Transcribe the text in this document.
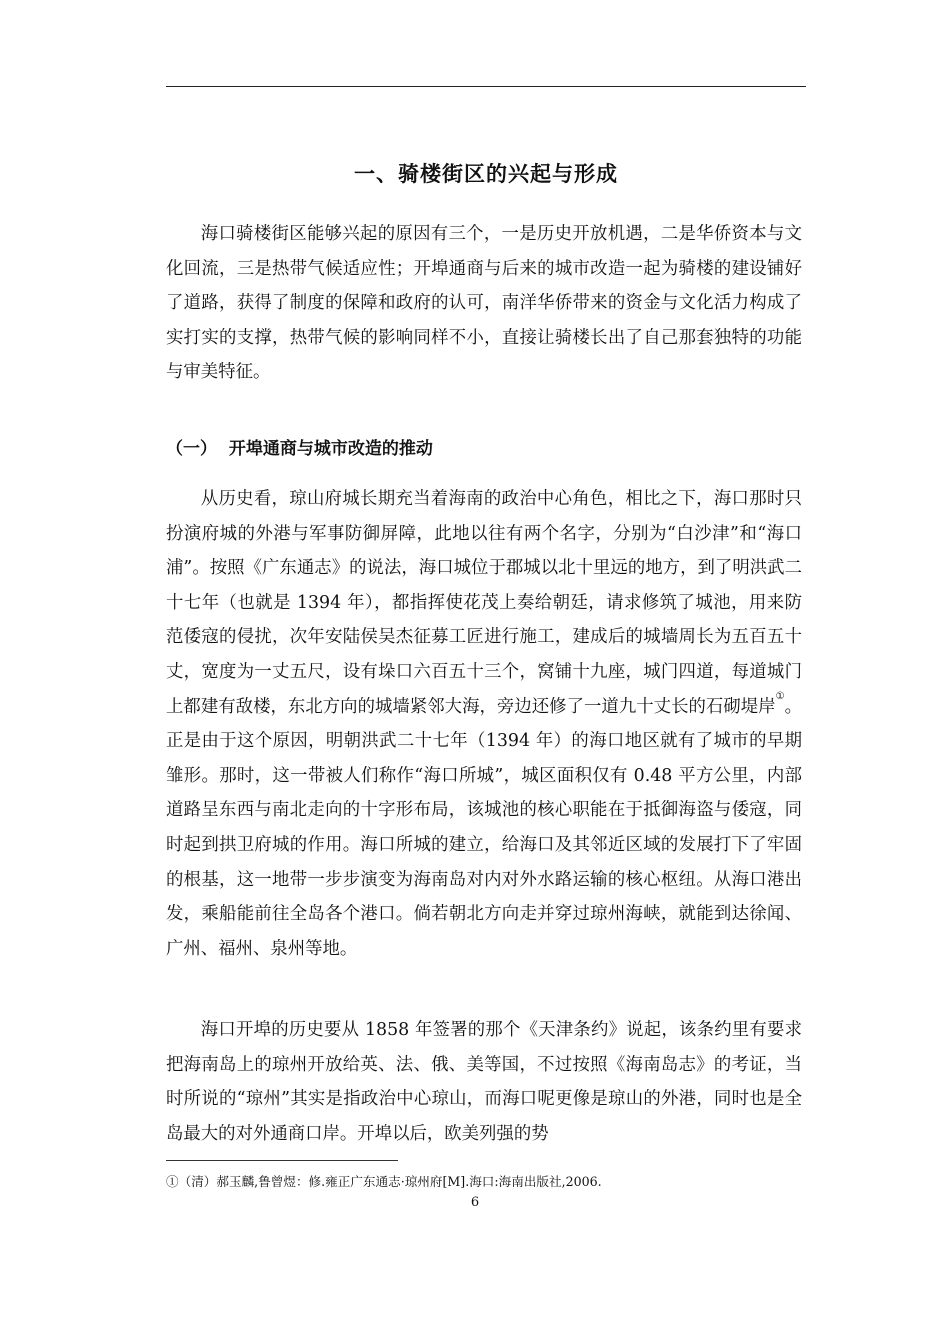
一、骑楼街区的兴起与形成

海口骑楼街区能够兴起的原因有三个，一是历史开放机遇，二是华侨资本与文化回流，三是热带气候适应性；开埠通商与后来的城市改造一起为骑楼的建设铺好了道路，获得了制度的保障和政府的认可，南洋华侨带来的资金与文化活力构成了实打实的支撑，热带气候的影响同样不小，直接让骑楼长出了自己那套独特的功能与审美特征。

（一）  开埠通商与城市改造的推动

从历史看，琼山府城长期充当着海南的政治中心角色，相比之下，海口那时只扮演府城的外港与军事防御屏障，此地以往有两个名字，分别为“白沙津”和“海口浦”。按照《广东通志》的说法，海口城位于郡城以北十里远的地方，到了明洪武二十七年（也就是 1394 年），都指挥使花茂上奏给朝廷，请求修筑了城池，用来防范倭寇的侵扰，次年安陆侯吴杰征募工匠进行施工，建成后的城墙周长为五百五十丈，宽度为一丈五尺，设有垛口六百五十三个，窝铺十九座，城门四道，每道城门上都建有敌楼，东北方向的城墙紧邻大海，旁边还修了一道九十丈长的石砌堤岸①。正是由于这个原因，明朝洪武二十七年（1394 年）的海口地区就有了城市的早期雏形。那时，这一带被人们称作“海口所城”，城区面积仅有 0.48 平方公里，内部道路呈东西与南北走向的十字形布局，该城池的核心职能在于抵御海盗与倭寇，同时起到拱卫府城的作用。海口所城的建立，给海口及其邻近区域的发展打下了牢固的根基，这一地带一步步演变为海南岛对内对外水路运输的核心枢纽。从海口港出发，乘船能前往全岛各个港口。倘若朝北方向走并穿过琼州海峡，就能到达徐闻、广州、福州、泉州等地。

海口开埠的历史要从 1858 年签署的那个《天津条约》说起，该条约里有要求把海南岛上的琼州开放给英、法、俄、美等国，不过按照《海南岛志》的考证，当时所说的“琼州”其实是指政治中心琼山，而海口呢更像是琼山的外港，同时也是全岛最大的对外通商口岸。开埠以后，欧美列强的势

①（清）郝玉麟,鲁曾煜：修.雍正广东通志·琼州府[M].海口:海南出版社,2006.
6
